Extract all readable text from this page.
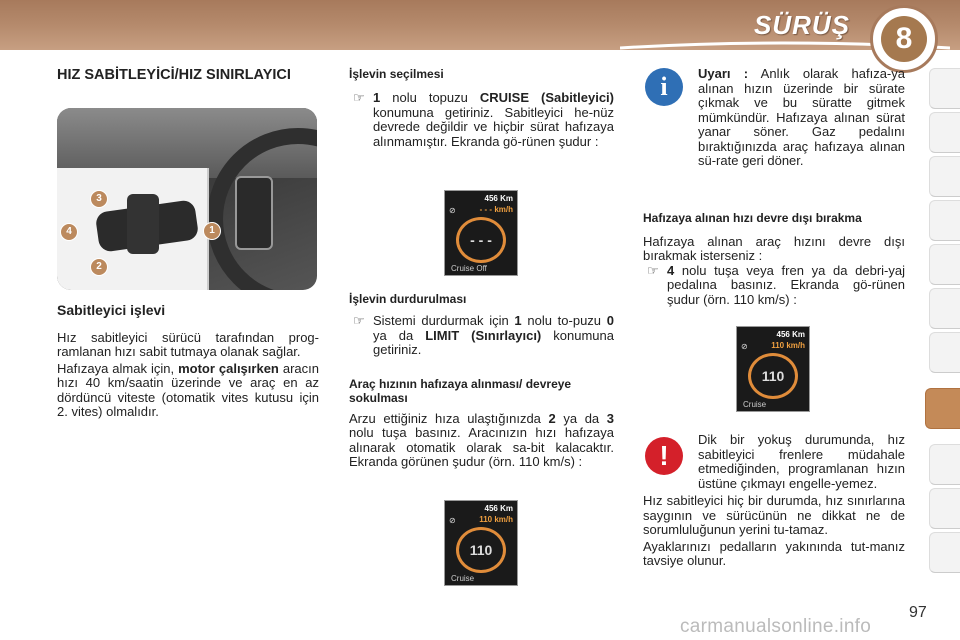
SÜRÜŞ	8
HIZ SABİTLEYİCİ/HIZ SINIRLAYICI
1
2
3
4
Sabitleyici işlevi

Hız sabitleyici sürücü tarafından prog-ramlanan hızı sabit tutmaya olanak sağlar.

Hafızaya almak için, motor çalışırken aracın hızı 40 km/saatin üzerinde ve araç en az dördüncü viteste (otomatik vites kutusu için 2. vites) olmalıdır.

İşlevin seçilmesi
☞ 1 nolu topuzu CRUISE (Sabitleyici) konumuna getiriniz. Sabitleyici he-nüz devrede değildir ve hiçbir sürat hafızaya alınmamıştır. Ekranda gö-rünen şudur :
456 Km
⊘	- - - km/h
- - -
Cruise Off
İşlevin durdurulması
☞ Sistemi durdurmak için 1 nolu to-puzu 0 ya da LIMIT (Sınırlayıcı) konumuna getiriniz.
Araç hızının hafızaya alınması/ devreye sokulması

Arzu ettiğiniz hıza ulaştığınızda 2 ya da 3 nolu tuşa basınız. Aracınızın hızı hafızaya alınarak otomatik olarak sa-bit kalacaktır. Ekranda görünen şudur (örn. 110 km/s) :

456 Km
⊘	110 km/h
110
Cruise
i	Uyarı : Anlık olarak hafıza-ya alınan hızın üzerinde bir sürate çıkmak ve bu süratte gitmek mümkündür. Hafızaya alınan sürat yanar söner. Gaz pedalını bıraktığınızda araç hafızaya alınan sü-rate geri döner.

Hafızaya alınan hızı devre dışı bırakma

Hafızaya alınan araç hızını devre dışı bırakmak isterseniz :

☞ 4 nolu tuşa veya fren ya da debri-yaj pedalına basınız. Ekranda gö-rünen şudur (örn. 110 km/s) :
456 Km
⊘	110 km/h
110
Cruise
!

Dik bir yokuş durumunda, hız sabitleyici frenlere müdahale etmediğinden, programlanan hızın üstüne çıkmayı engelle-yemez.

Hız sabitleyici hiç bir durumda, hız sınırlarına saygının ve sürücünün ne dikkat ne de sorumluluğunun yerini tu-tamaz.

Ayaklarınızı pedalların yakınında tut-manız tavsiye olunur.

carmanualsonline.info
97
